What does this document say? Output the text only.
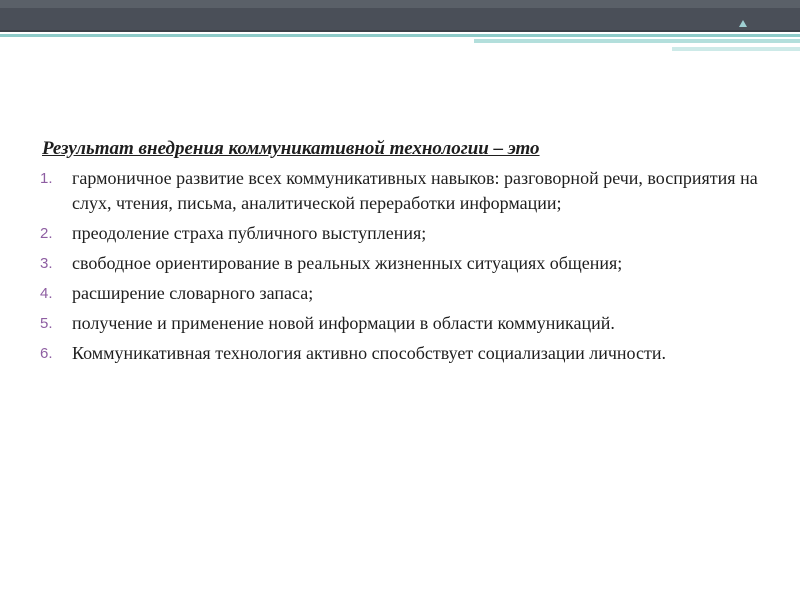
Результат внедрения коммуникативной технологии – это
1. гармоничное развитие всех коммуникативных навыков: разговорной речи, восприятия на слух, чтения, письма, аналитической переработки информации;
2. преодоление страха публичного выступления;
3. свободное ориентирование в реальных жизненных ситуациях общения;
4. расширение словарного запаса;
5. получение и применение новой информации в области коммуникаций.
6. Коммуникативная технология активно способствует социализации личности.
